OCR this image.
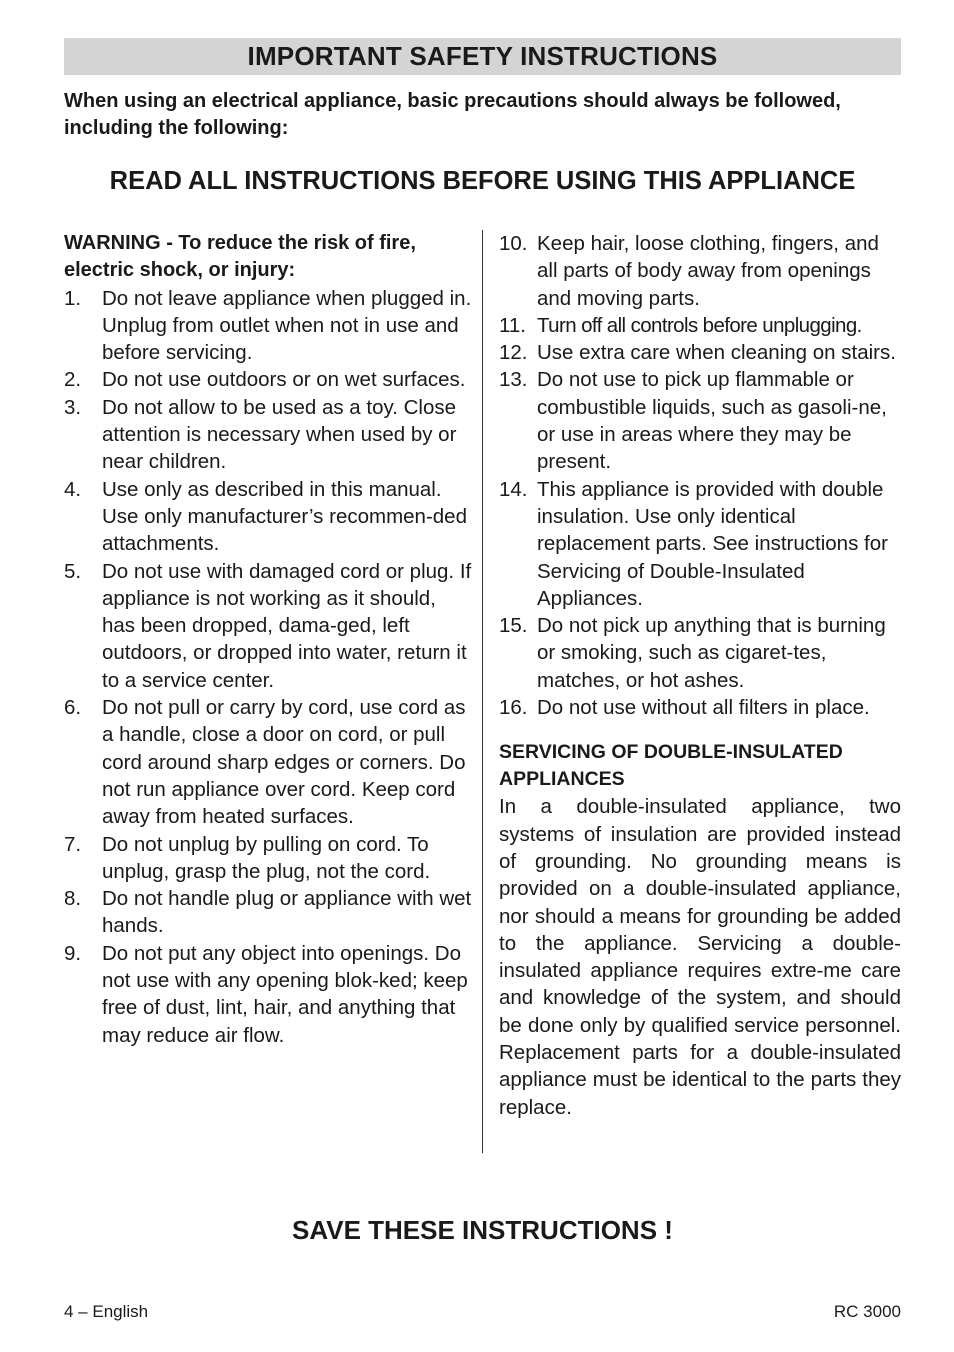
IMPORTANT SAFETY INSTRUCTIONS
When using an electrical appliance, basic precautions should always be followed, including the following:
READ ALL INSTRUCTIONS BEFORE USING THIS APPLIANCE
WARNING - To reduce the risk of fire, electric shock, or injury:
1.	Do not leave appliance when plugged in. Unplug from outlet when not in use and before servicing.
2.	Do not use outdoors or on wet surfaces.
3.	Do not allow to be used as a toy. Close attention is necessary when used by or near children.
4.	Use only as described in this manual. Use only manufacturer’s recommen-ded attachments.
5.	Do not use with damaged cord or plug. If appliance is not working as it should, has been dropped, dama-ged, left outdoors, or dropped into water, return it to a service center.
6.	Do not pull or carry by cord, use cord as a handle, close a door on cord, or pull cord around sharp edges or corners. Do not run appliance over cord. Keep cord away from heated surfaces.
7.	Do not unplug by pulling on cord. To unplug, grasp the plug, not the cord.
8.	Do not handle plug or appliance with wet hands.
9.	Do not put any object into openings. Do not use with any opening blok-ked; keep free of dust, lint, hair, and anything that may reduce air flow.
10. Keep hair, loose clothing, fingers, and all parts of body away from openings and moving parts.
11. Turn off all controls before unplugging.
12. Use extra care when cleaning on stairs.
13. Do not use to pick up flammable or combustible liquids, such as gasoli-ne, or use in areas where they may be present.
14. This appliance is provided with double insulation. Use only identical replacement parts. See instructions for Servicing of Double-Insulated Appliances.
15. Do not pick up anything that is burning or smoking, such as cigaret-tes, matches, or hot ashes.
16. Do not use without all filters in place.
SERVICING OF DOUBLE-INSULATED APPLIANCES
In a double-insulated appliance, two systems of insulation are provided instead of grounding. No grounding means is provided on a double-insulated appliance, nor should a means for grounding be added to the appliance. Servicing a double-insulated appliance requires extre-me care and knowledge of the system, and should be done only by qualified service personnel. Replacement parts for a double-insulated appliance must be identical to the parts they replace.
SAVE THESE INSTRUCTIONS !
4 – English	RC 3000
